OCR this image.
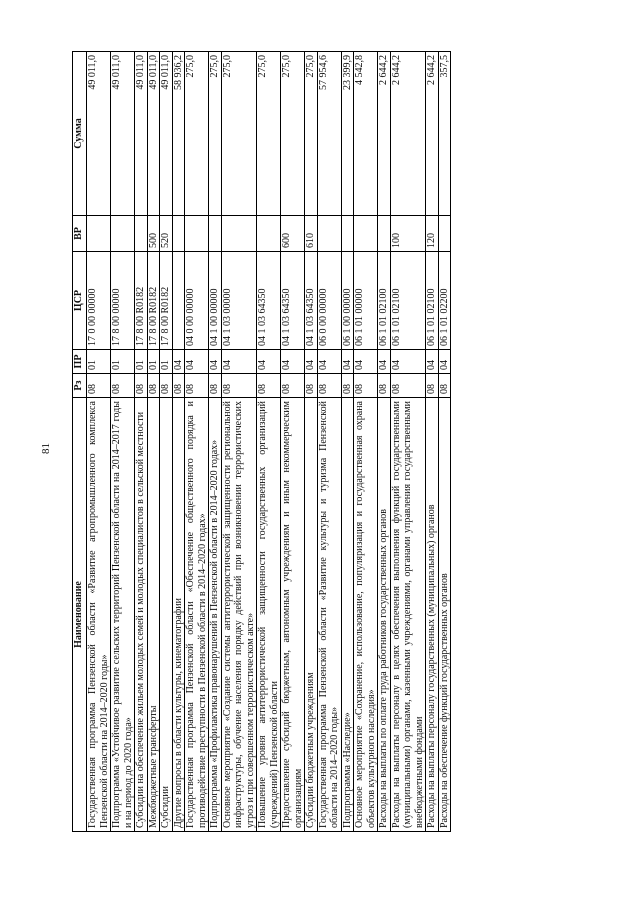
81
Наименование	Рз	ПР	ЦСР	ВР	Сумма
Государственная программа Пензенской области «Развитие агропромышленного комплекса Пензенской области на 2014–2020 годы»	08	01	17 0 00 00000		49 011,0
Подпрограмма «Устойчивое развитие сельских территорий Пензенской области на 2014–2017 годы и на период до 2020 года»	08	01	17 8 00 00000		49 011,0
Субсидии на обеспечение жильем молодых семей и молодых специалистов в сельской местности	08	01	17 8 00 R0182		49 011,0
Межбюджетные трансферты	08	01	17 8 00 R0182	500	49 011,0
Субсидии	08	01	17 8 00 R0182	520	49 011,0
Другие вопросы в области культуры, кинематографии	08	04			58 936,2
Государственная программа Пензенской области «Обеспечение общественного порядка и противодействие преступности в Пензенской области в 2014–2020 годах»	08	04	04 0 00 00000		275,0
Подпрограмма «Профилактика правонарушений в Пензенской области в 2014–2020 годах»	08	04	04 1 00 00000		275,0
Основное мероприятие «Создание системы антитеррористической защищенности региональной инфраструктуры, обучение населения порядку действий при возникновении террористических угроз и при совершенном террористическом акте»	08	04	04 1 03 00000		275,0
Повышение уровня антитеррористической защищенности государственных организаций (учреждений) Пензенской области	08	04	04 1 03 64350		275,0
Предоставление субсидий бюджетным, автономным учреждениям и иным некоммерческим организациям	08	04	04 1 03 64350	600	275,0
Субсидии бюджетным учреждениям	08	04	04 1 03 64350	610	275,0
Государственная программа Пензенской области «Развитие культуры и туризма Пензенской области на 2014–2020 годы»	08	04	06 0 00 00000		57 954,6
Подпрограмма «Наследие»	08	04	06 1 00 00000		23 399,9
Основное мероприятие «Сохранение, использование, популяризация и государственная охрана объектов культурного наследия»	08	04	06 1 01 00000		4 542,8
Расходы на выплаты по оплате труда работников государственных органов	08	04	06 1 01 02100		2 644,2
Расходы на выплаты персоналу в целях обеспечения выполнения функций государственными (муниципальными) органами, казенными учреждениями, органами управления государственными внебюджетными фондами	08	04	06 1 01 02100	100	2 644,2
Расходы на выплаты персоналу государственных (муниципальных) органов	08	04	06 1 01 02100	120	2 644,2
Расходы на обеспечение функций государственных органов	08	04	06 1 01 02200		357,5
